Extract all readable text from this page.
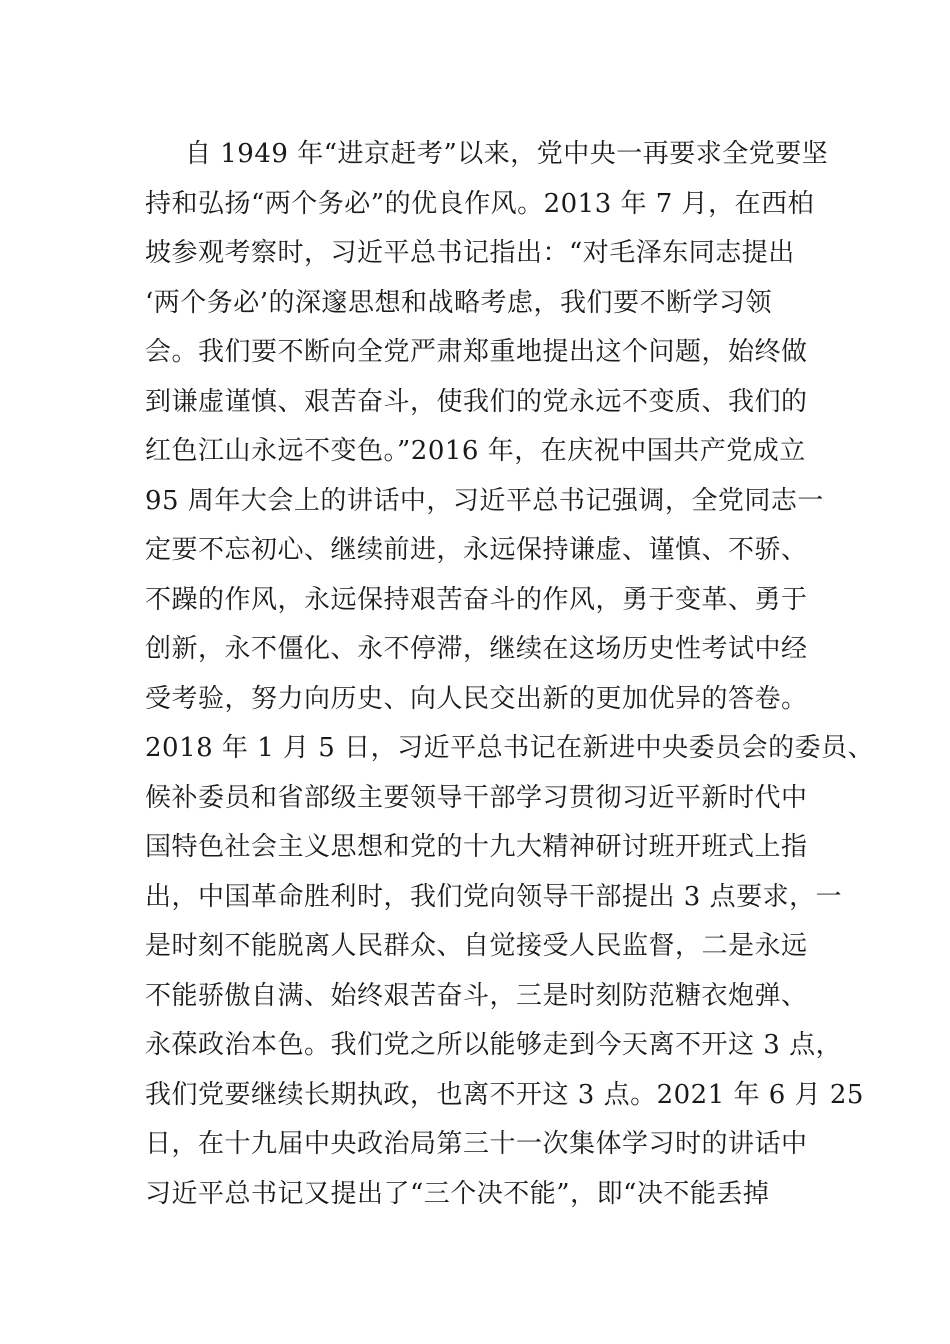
自 1949 年“进京赶考”以来，党中央一再要求全党要坚
持和弘扬“两个务必”的优良作风。2013 年 7 月，在西柏
坡参观考察时，习近平总书记指出：“对毛泽东同志提出
‘两个务必’的深邃思想和战略考虑，我们要不断学习领
会。我们要不断向全党严肃郑重地提出这个问题，始终做
到谦虚谨慎、艰苦奋斗，使我们的党永远不变质、我们的
红色江山永远不变色。”2016 年，在庆祝中国共产党成立
95 周年大会上的讲话中，习近平总书记强调，全党同志一
定要不忘初心、继续前进，永远保持谦虚、谨慎、不骄、
不躁的作风，永远保持艰苦奋斗的作风，勇于变革、勇于
创新，永不僵化、永不停滞，继续在这场历史性考试中经
受考验，努力向历史、向人民交出新的更加优异的答卷。
2018 年 1 月 5 日，习近平总书记在新进中央委员会的委员、
候补委员和省部级主要领导干部学习贯彻习近平新时代中
国特色社会主义思想和党的十九大精神研讨班开班式上指
出，中国革命胜利时，我们党向领导干部提出 3 点要求，一
是时刻不能脱离人民群众、自觉接受人民监督，二是永远
不能骄傲自满、始终艰苦奋斗，三是时刻防范糖衣炮弹、
永葆政治本色。我们党之所以能够走到今天离不开这 3 点，
我们党要继续长期执政，也离不开这 3 点。2021 年 6 月 25
日，在十九届中央政治局第三十一次集体学习时的讲话中
习近平总书记又提出了“三个决不能”，即“决不能丢掉
